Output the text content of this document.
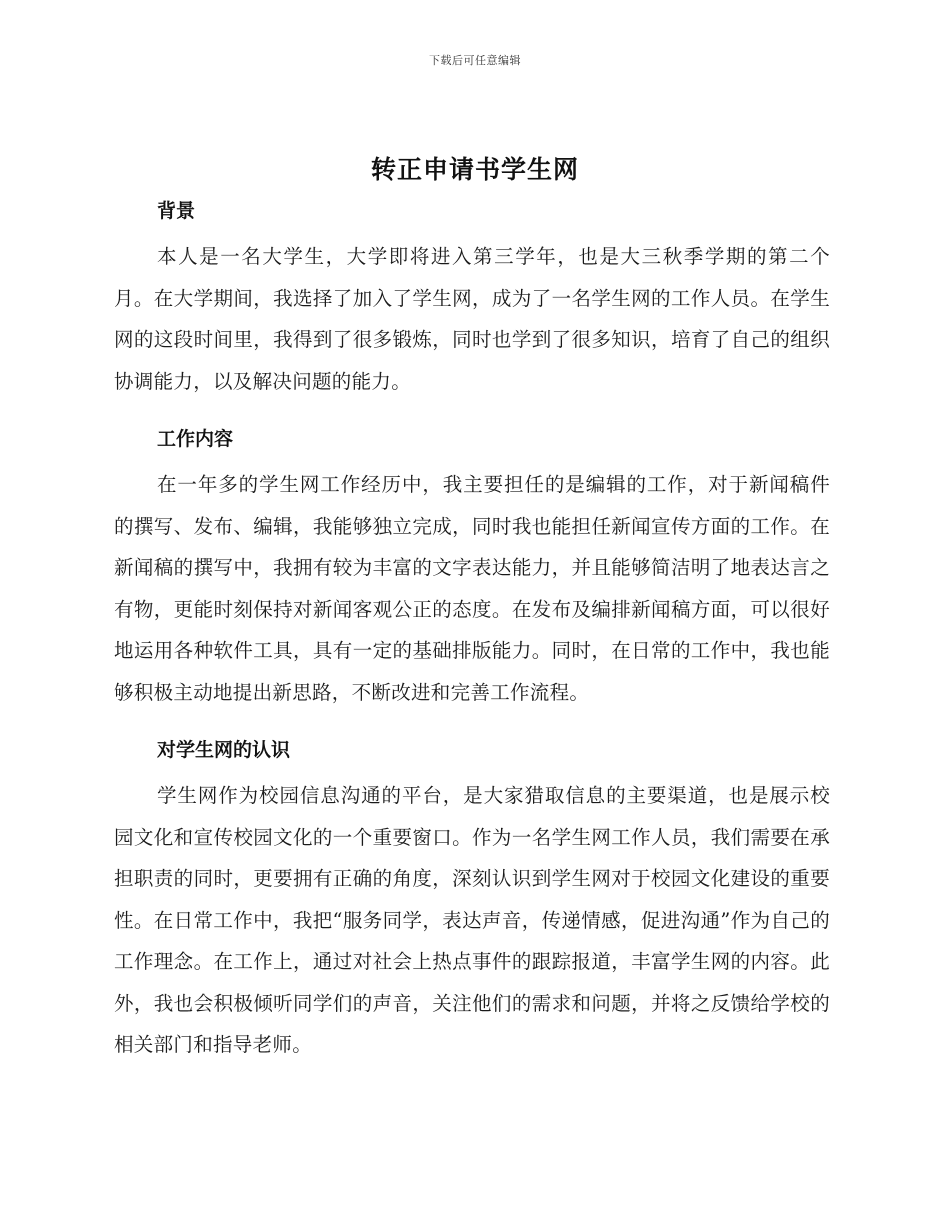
下载后可任意编辑
转正申请书学生网
背景

本人是一名大学生，大学即将进入第三学年，也是大三秋季学期的第二个月。在大学期间，我选择了加入了学生网，成为了一名学生网的工作人员。在学生网的这段时间里，我得到了很多锻炼，同时也学到了很多知识，培育了自己的组织协调能力，以及解决问题的能力。

工作内容

在一年多的学生网工作经历中，我主要担任的是编辑的工作，对于新闻稿件的撰写、发布、编辑，我能够独立完成，同时我也能担任新闻宣传方面的工作。在新闻稿的撰写中，我拥有较为丰富的文字表达能力，并且能够简洁明了地表达言之有物，更能时刻保持对新闻客观公正的态度。在发布及编排新闻稿方面，可以很好地运用各种软件工具，具有一定的基础排版能力。同时，在日常的工作中，我也能够积极主动地提出新思路，不断改进和完善工作流程。

对学生网的认识

学生网作为校园信息沟通的平台，是大家猎取信息的主要渠道，也是展示校园文化和宣传校园文化的一个重要窗口。作为一名学生网工作人员，我们需要在承担职责的同时，更要拥有正确的角度，深刻认识到学生网对于校园文化建设的重要性。在日常工作中，我把“服务同学，表达声音，传递情感，促进沟通”作为自己的工作理念。在工作上，通过对社会上热点事件的跟踪报道，丰富学生网的内容。此外，我也会积极倾听同学们的声音，关注他们的需求和问题，并将之反馈给学校的相关部门和指导老师。
